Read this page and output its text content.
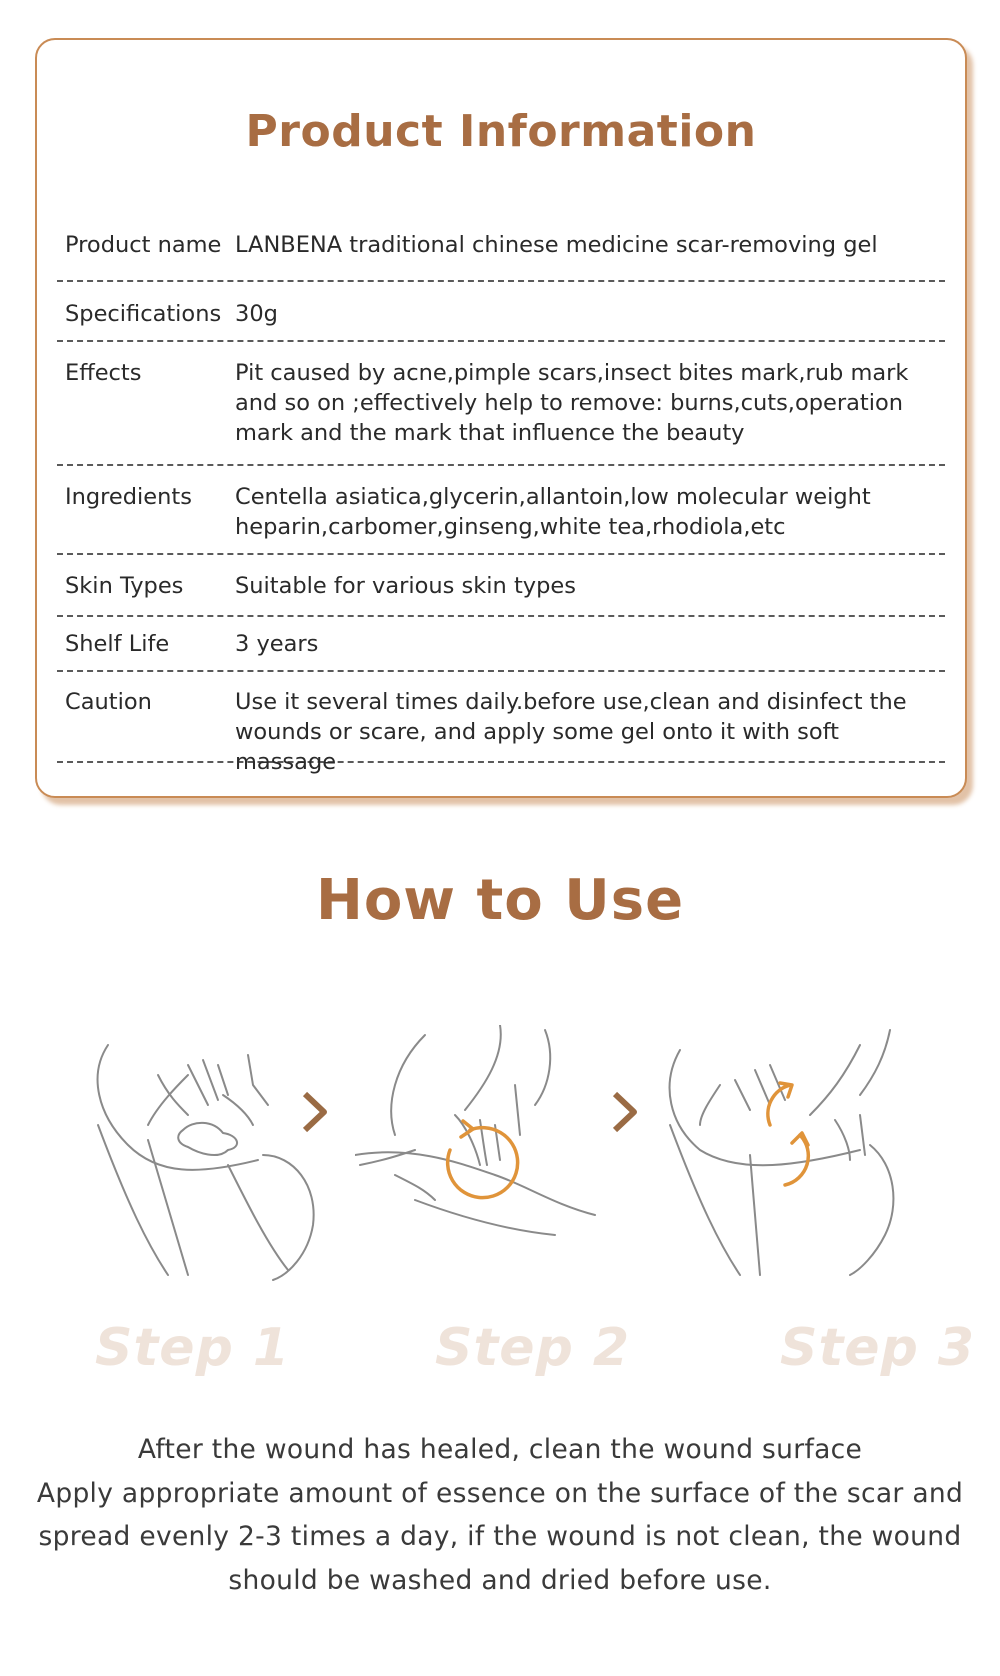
Product Information
Product name LANBENA traditional chinese medicine scar-removing gel
Specifications 30g
Effects	Pit caused by acne,pimple scars,insect bites mark,rub mark and so on ;effectively help to remove: burns,cuts,operation mark and the mark that influence the beauty
Ingredients	Centella asiatica,glycerin,allantoin,low molecular weight heparin,carbomer,ginseng,white tea,rhodiola,etc
Skin Types	Suitable for various skin types
Shelf Life	3 years
Caution	Use it several times daily.before use,clean and disinfect the wounds or scare, and apply some gel onto it with soft massage
How to Use
Step 1	Step 2	Step 3
After the wound has healed, clean the wound surface
Apply appropriate amount of essence on the surface of the scar and
spread evenly 2-3 times a day, if the wound is not clean, the wound
should be washed and dried before use.
